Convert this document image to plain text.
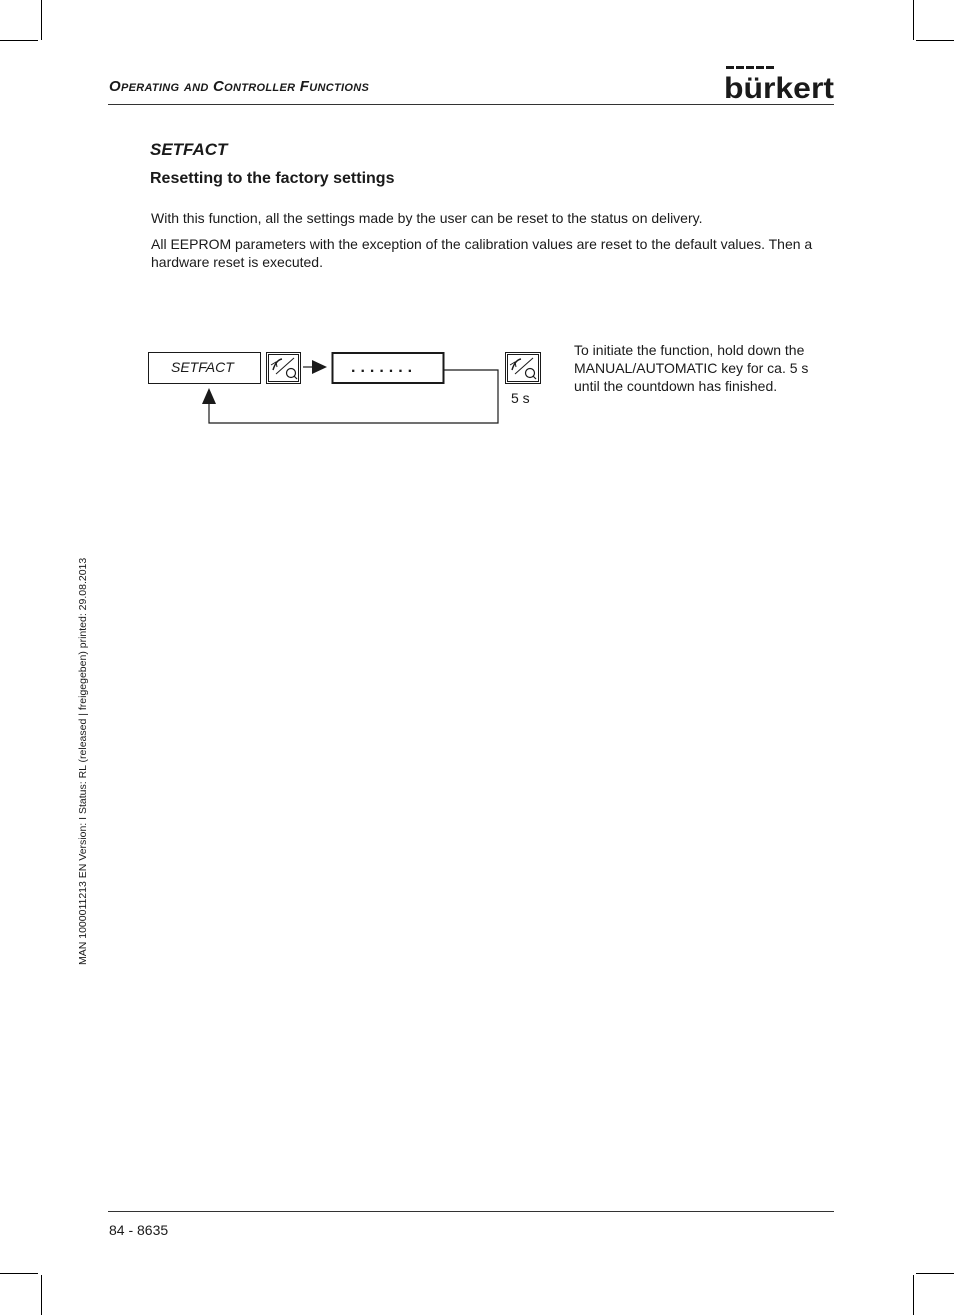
Operating and Controller Functions	bürkert
SETFACT
Resetting to the factory settings
With this function, all the settings made by the user can be reset to the status on delivery.
All EEPROM parameters with the exception of the calibration values are reset to the default values. Then a hardware reset is executed.
SETFACT	.......
5 s
To initiate the function, hold down the MANUAL/AUTOMATIC key for ca. 5 s until the countdown has finished.
MAN 1000011213 EN Version: I Status: RL (released | freigegeben) printed: 29.08.2013
84 - 8635
